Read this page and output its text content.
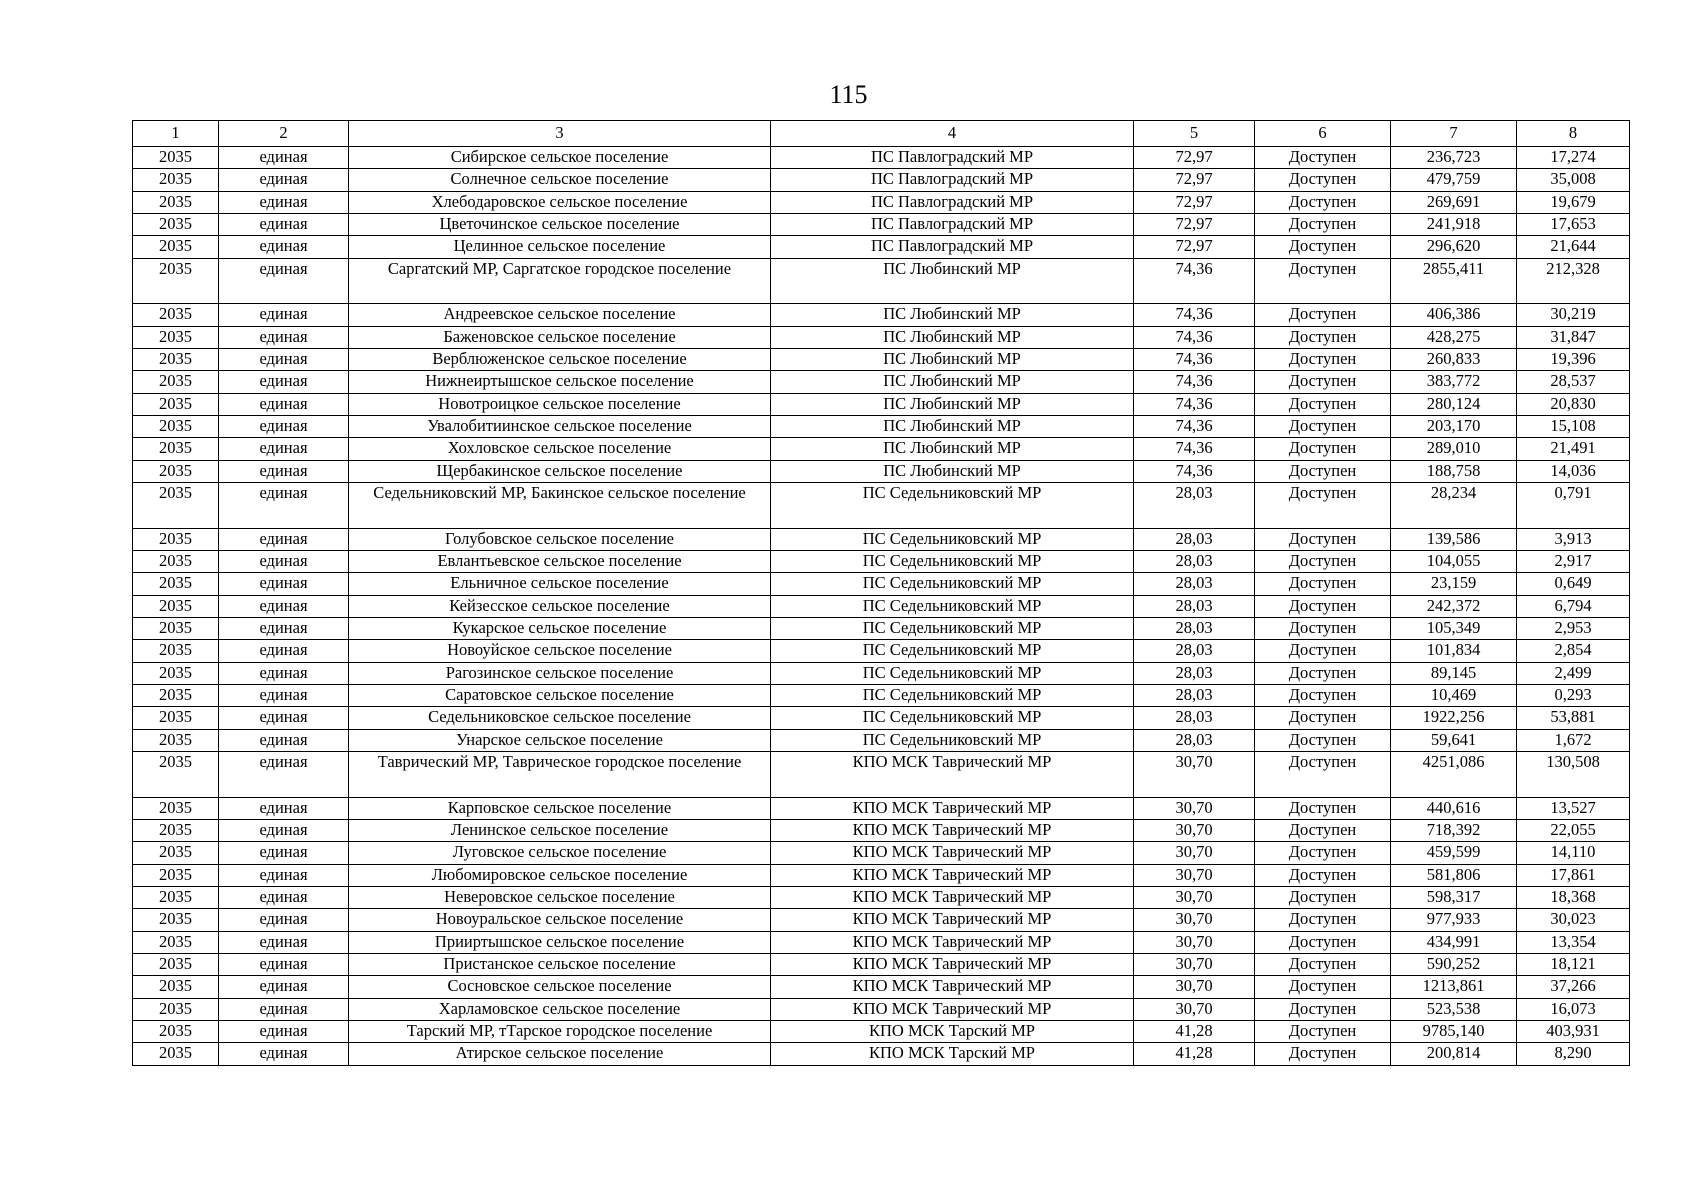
115
1	2	3	4	5	6	7	8
2035	единая	Сибирское сельское поселение	ПС Павлоградский МР	72,97	Доступен	236,723	17,274
2035	единая	Солнечное сельское поселение	ПС Павлоградский МР	72,97	Доступен	479,759	35,008
2035	единая	Хлебодаровское сельское поселение	ПС Павлоградский МР	72,97	Доступен	269,691	19,679
2035	единая	Цветочинское сельское поселение	ПС Павлоградский МР	72,97	Доступен	241,918	17,653
2035	единая	Целинное сельское поселение	ПС Павлоградский МР	72,97	Доступен	296,620	21,644
2035	единая	Саргатский МР, Саргатское городское поселение	ПС Любинский МР	74,36	Доступен	2855,411	212,328
2035	единая	Андреевское сельское поселение	ПС Любинский МР	74,36	Доступен	406,386	30,219
2035	единая	Баженовское сельское поселение	ПС Любинский МР	74,36	Доступен	428,275	31,847
2035	единая	Верблюженское сельское поселение	ПС Любинский МР	74,36	Доступен	260,833	19,396
2035	единая	Нижнеиртышское сельское поселение	ПС Любинский МР	74,36	Доступен	383,772	28,537
2035	единая	Новотроицкое сельское поселение	ПС Любинский МР	74,36	Доступен	280,124	20,830
2035	единая	Увалобитиинское сельское поселение	ПС Любинский МР	74,36	Доступен	203,170	15,108
2035	единая	Хохловское сельское поселение	ПС Любинский МР	74,36	Доступен	289,010	21,491
2035	единая	Щербакинское сельское поселение	ПС Любинский МР	74,36	Доступен	188,758	14,036
2035	единая	Седельниковский МР, Бакинское сельское поселение	ПС Седельниковский МР	28,03	Доступен	28,234	0,791
2035	единая	Голубовское сельское поселение	ПС Седельниковский МР	28,03	Доступен	139,586	3,913
2035	единая	Евлантьевское сельское поселение	ПС Седельниковский МР	28,03	Доступен	104,055	2,917
2035	единая	Ельничное сельское поселение	ПС Седельниковский МР	28,03	Доступен	23,159	0,649
2035	единая	Кейзесское сельское поселение	ПС Седельниковский МР	28,03	Доступен	242,372	6,794
2035	единая	Кукарское сельское поселение	ПС Седельниковский МР	28,03	Доступен	105,349	2,953
2035	единая	Новоуйское сельское поселение	ПС Седельниковский МР	28,03	Доступен	101,834	2,854
2035	единая	Рагозинское сельское поселение	ПС Седельниковский МР	28,03	Доступен	89,145	2,499
2035	единая	Саратовское сельское поселение	ПС Седельниковский МР	28,03	Доступен	10,469	0,293
2035	единая	Седельниковское сельское поселение	ПС Седельниковский МР	28,03	Доступен	1922,256	53,881
2035	единая	Унарское сельское поселение	ПС Седельниковский МР	28,03	Доступен	59,641	1,672
2035	единая	Таврический МР, Таврическое городское поселение	КПО МСК Таврический МР	30,70	Доступен	4251,086	130,508
2035	единая	Карповское сельское поселение	КПО МСК Таврический МР	30,70	Доступен	440,616	13,527
2035	единая	Ленинское сельское поселение	КПО МСК Таврический МР	30,70	Доступен	718,392	22,055
2035	единая	Луговское сельское поселение	КПО МСК Таврический МР	30,70	Доступен	459,599	14,110
2035	единая	Любомировское сельское поселение	КПО МСК Таврический МР	30,70	Доступен	581,806	17,861
2035	единая	Неверовское сельское поселение	КПО МСК Таврический МР	30,70	Доступен	598,317	18,368
2035	единая	Новоуральское сельское поселение	КПО МСК Таврический МР	30,70	Доступен	977,933	30,023
2035	единая	Прииртышское сельское поселение	КПО МСК Таврический МР	30,70	Доступен	434,991	13,354
2035	единая	Пристанское сельское поселение	КПО МСК Таврический МР	30,70	Доступен	590,252	18,121
2035	единая	Сосновское сельское поселение	КПО МСК Таврический МР	30,70	Доступен	1213,861	37,266
2035	единая	Харламовское сельское поселение	КПО МСК Таврический МР	30,70	Доступен	523,538	16,073
2035	единая	Тарский МР, тТарское городское поселение	КПО МСК Тарский МР	41,28	Доступен	9785,140	403,931
2035	единая	Атирское сельское поселение	КПО МСК Тарский МР	41,28	Доступен	200,814	8,290
